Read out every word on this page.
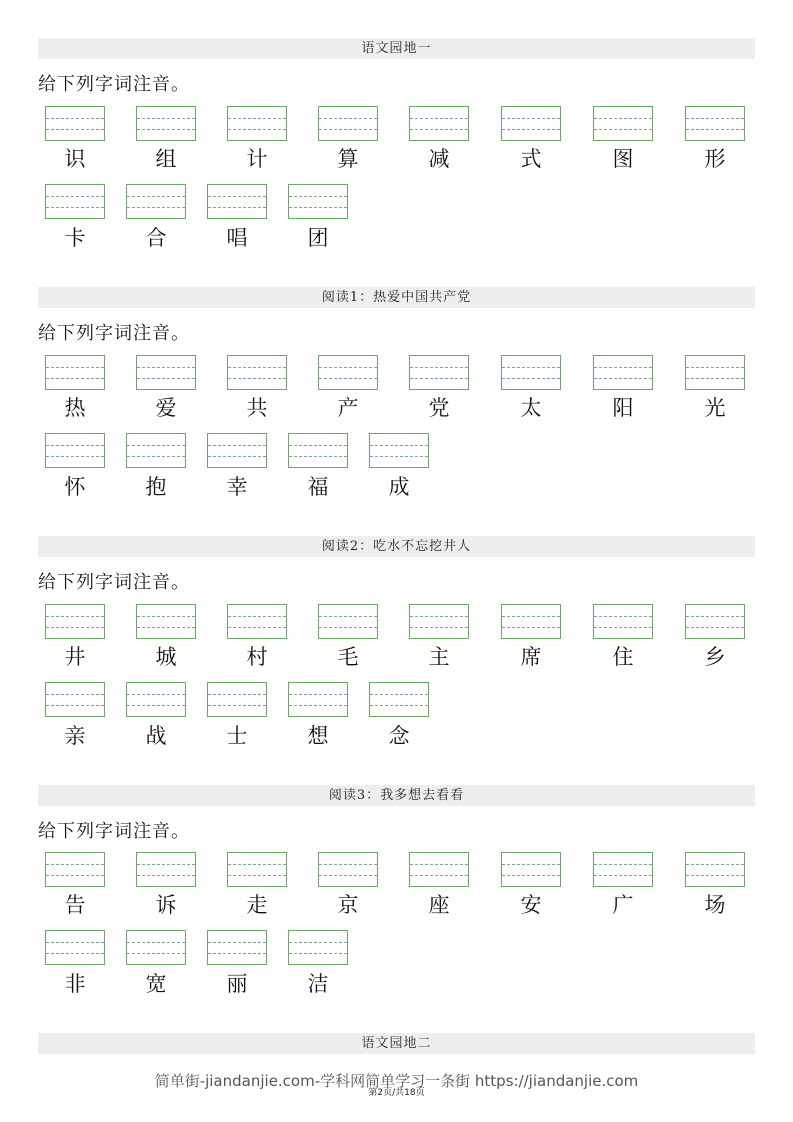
语文园地一
给下列字词注音。
识	组	计	算	减	式	图	形
卡	合	唱	团
阅读1：热爱中国共产党
给下列字词注音。
热	爱	共	产	党	太	阳	光
怀	抱	幸	福	成
阅读2：吃水不忘挖井人
给下列字词注音。
井	城	村	毛	主	席	住	乡
亲	战	士	想	念
阅读3：我多想去看看
给下列字词注音。
告	诉	走	京	座	安	广	场
非	宽	丽	洁
语文园地二
简单街-jiandanjie.com-学科网简单学习一条街 https://jiandanjie.com
第2页/共18页
